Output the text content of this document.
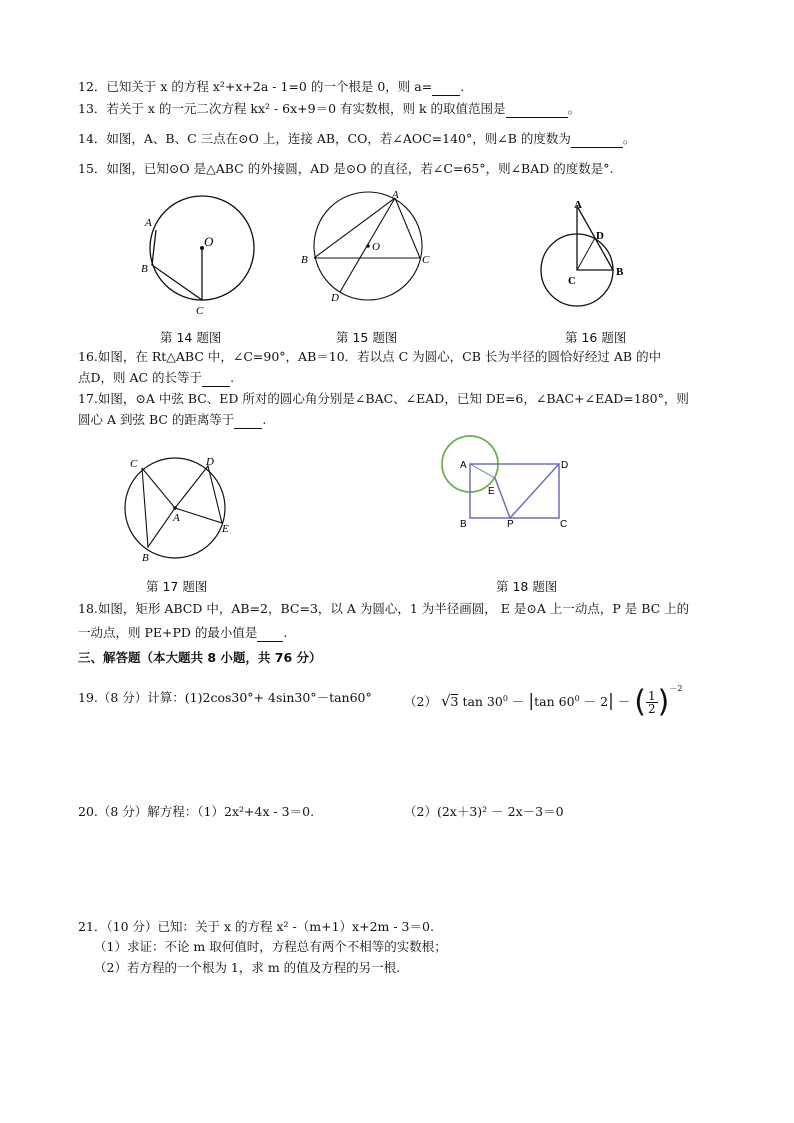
12．已知关于 x 的方程 x²+x+2a - 1=0 的一个根是 0，则 a= .
13．若关于 x 的一元二次方程 kx² - 6x+9＝0 有实数根，则 k 的取值范围是	。
14．如图，A、B、C 三点在⊙O 上，连接 AB，CO，若∠AOC=140°，则∠B 的度数为	。
15．如图，已知⊙O 是△ABC 的外接圆，AD 是⊙O 的直径，若∠C=65°，则∠BAD 的度数是°.
A
B
C
O
第 14 题图
A
B	C
D
O
第 15 题图
A
B
C
D
第 16 题图
16.如图，在 Rt△ABC 中，∠C=90°，AB＝10．若以点 C 为圆心，CB 长为半径的圆恰好经过 AB 的中
点D，则 AC 的长等于 .
17.如图，⊙A 中弦 BC、ED 所对的圆心角分别是∠BAC、∠EAD，已知 DE=6，∠BAC+∠EAD=180°，则
圆心 A 到弦 BC 的距离等于 .
C	D
A
E
B
第 17 题图
A	D
E
B	P	C
第 18 题图
18.如图，矩形 ABCD 中，AB=2，BC=3，以 A 为圆心，1 为半径画圆， E 是⊙A 上一动点，P 是 BC 上的
一动点，则 PE+PD 的最小值是 .
三、解答题（本大题共 8 小题，共 76 分）
19.（8 分）计算：(1)2cos30°+ 4sin30°－tan60°	（2） √3 $\tan 30^0 - |\tan$ $60^0 - 2|$ － ( $\frac{1}{2} )^{-2}$
20.（8 分）解方程：（1）2x²+4x - 3＝0.	（2）(2x＋3)² － 2x－3＝0
21．（10 分）已知：关于 x 的方程 x² -（m+1）x+2m - 3＝0.
（1）求证：不论 m 取何值时，方程总有两个不相等的实数根；
（2）若方程的一个根为 1，求 m 的值及方程的另一根.
